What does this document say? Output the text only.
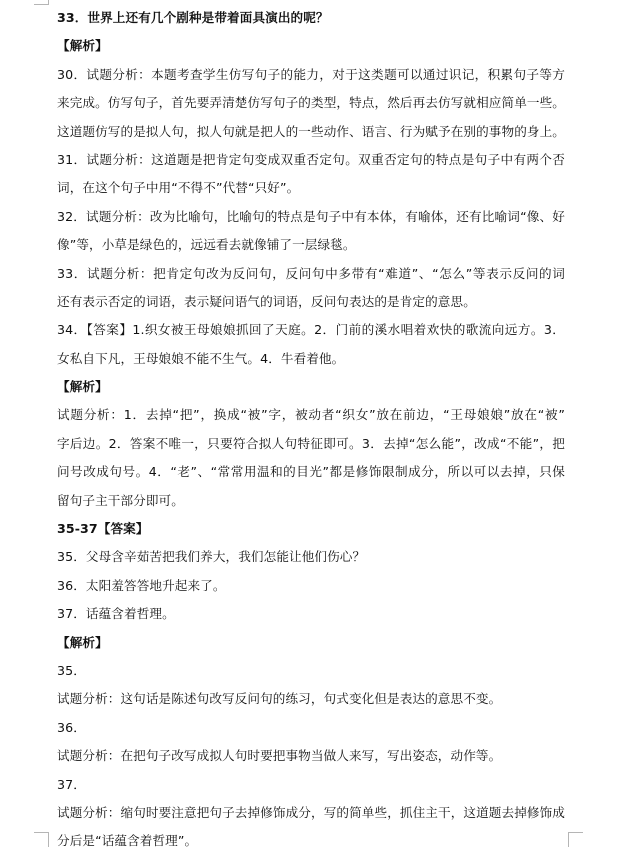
33．世界上还有几个剧种是带着面具演出的呢？
【解析】
30．试题分析：本题考查学生仿写句子的能力，对于这类题可以通过识记，积累句子等方
来完成。仿写句子，首先要弄清楚仿写句子的类型，特点，然后再去仿写就相应简单一些。
这道题仿写的是拟人句，拟人句就是把人的一些动作、语言、行为赋予在别的事物的身上。
31．试题分析：这道题是把肯定句变成双重否定句。双重否定句的特点是句子中有两个否
词，在这个句子中用“不得不”代替“只好”。
32．试题分析：改为比喻句，比喻句的特点是句子中有本体，有喻体，还有比喻词“像、好
像”等，小草是绿色的，远远看去就像铺了一层绿毯。
33．试题分析：把肯定句改为反问句，反问句中多带有“难道”、“怎么”等表示反问的词
还有表示否定的词语，表示疑问语气的词语，反问句表达的是肯定的意思。
34．【答案】1.织女被王母娘娘抓回了天庭。2．门前的溪水唱着欢快的歌流向远方。3．
女私自下凡，王母娘娘不能不生气。4．牛看着他。
【解析】
试题分析：1．去掉“把”，换成“被”字，被动者“织女”放在前边，“王母娘娘”放在“被”
字后边。2．答案不唯一，只要符合拟人句特征即可。3．去掉“怎么能”，改成“不能”，把
问号改成句号。4．“老”、“常常用温和的目光”都是修饰限制成分，所以可以去掉，只保
留句子主干部分即可。
35-37【答案】
35．父母含辛茹苦把我们养大，我们怎能让他们伤心？
36．太阳羞答答地升起来了。
37．话蕴含着哲理。
【解析】
35．
试题分析：这句话是陈述句改写反问句的练习，句式变化但是表达的意思不变。
36．
试题分析：在把句子改写成拟人句时要把事物当做人来写，写出姿态，动作等。
37．
试题分析：缩句时要注意把句子去掉修饰成分，写的简单些，抓住主干，这道题去掉修饰成
分后是“话蕴含着哲理”。
